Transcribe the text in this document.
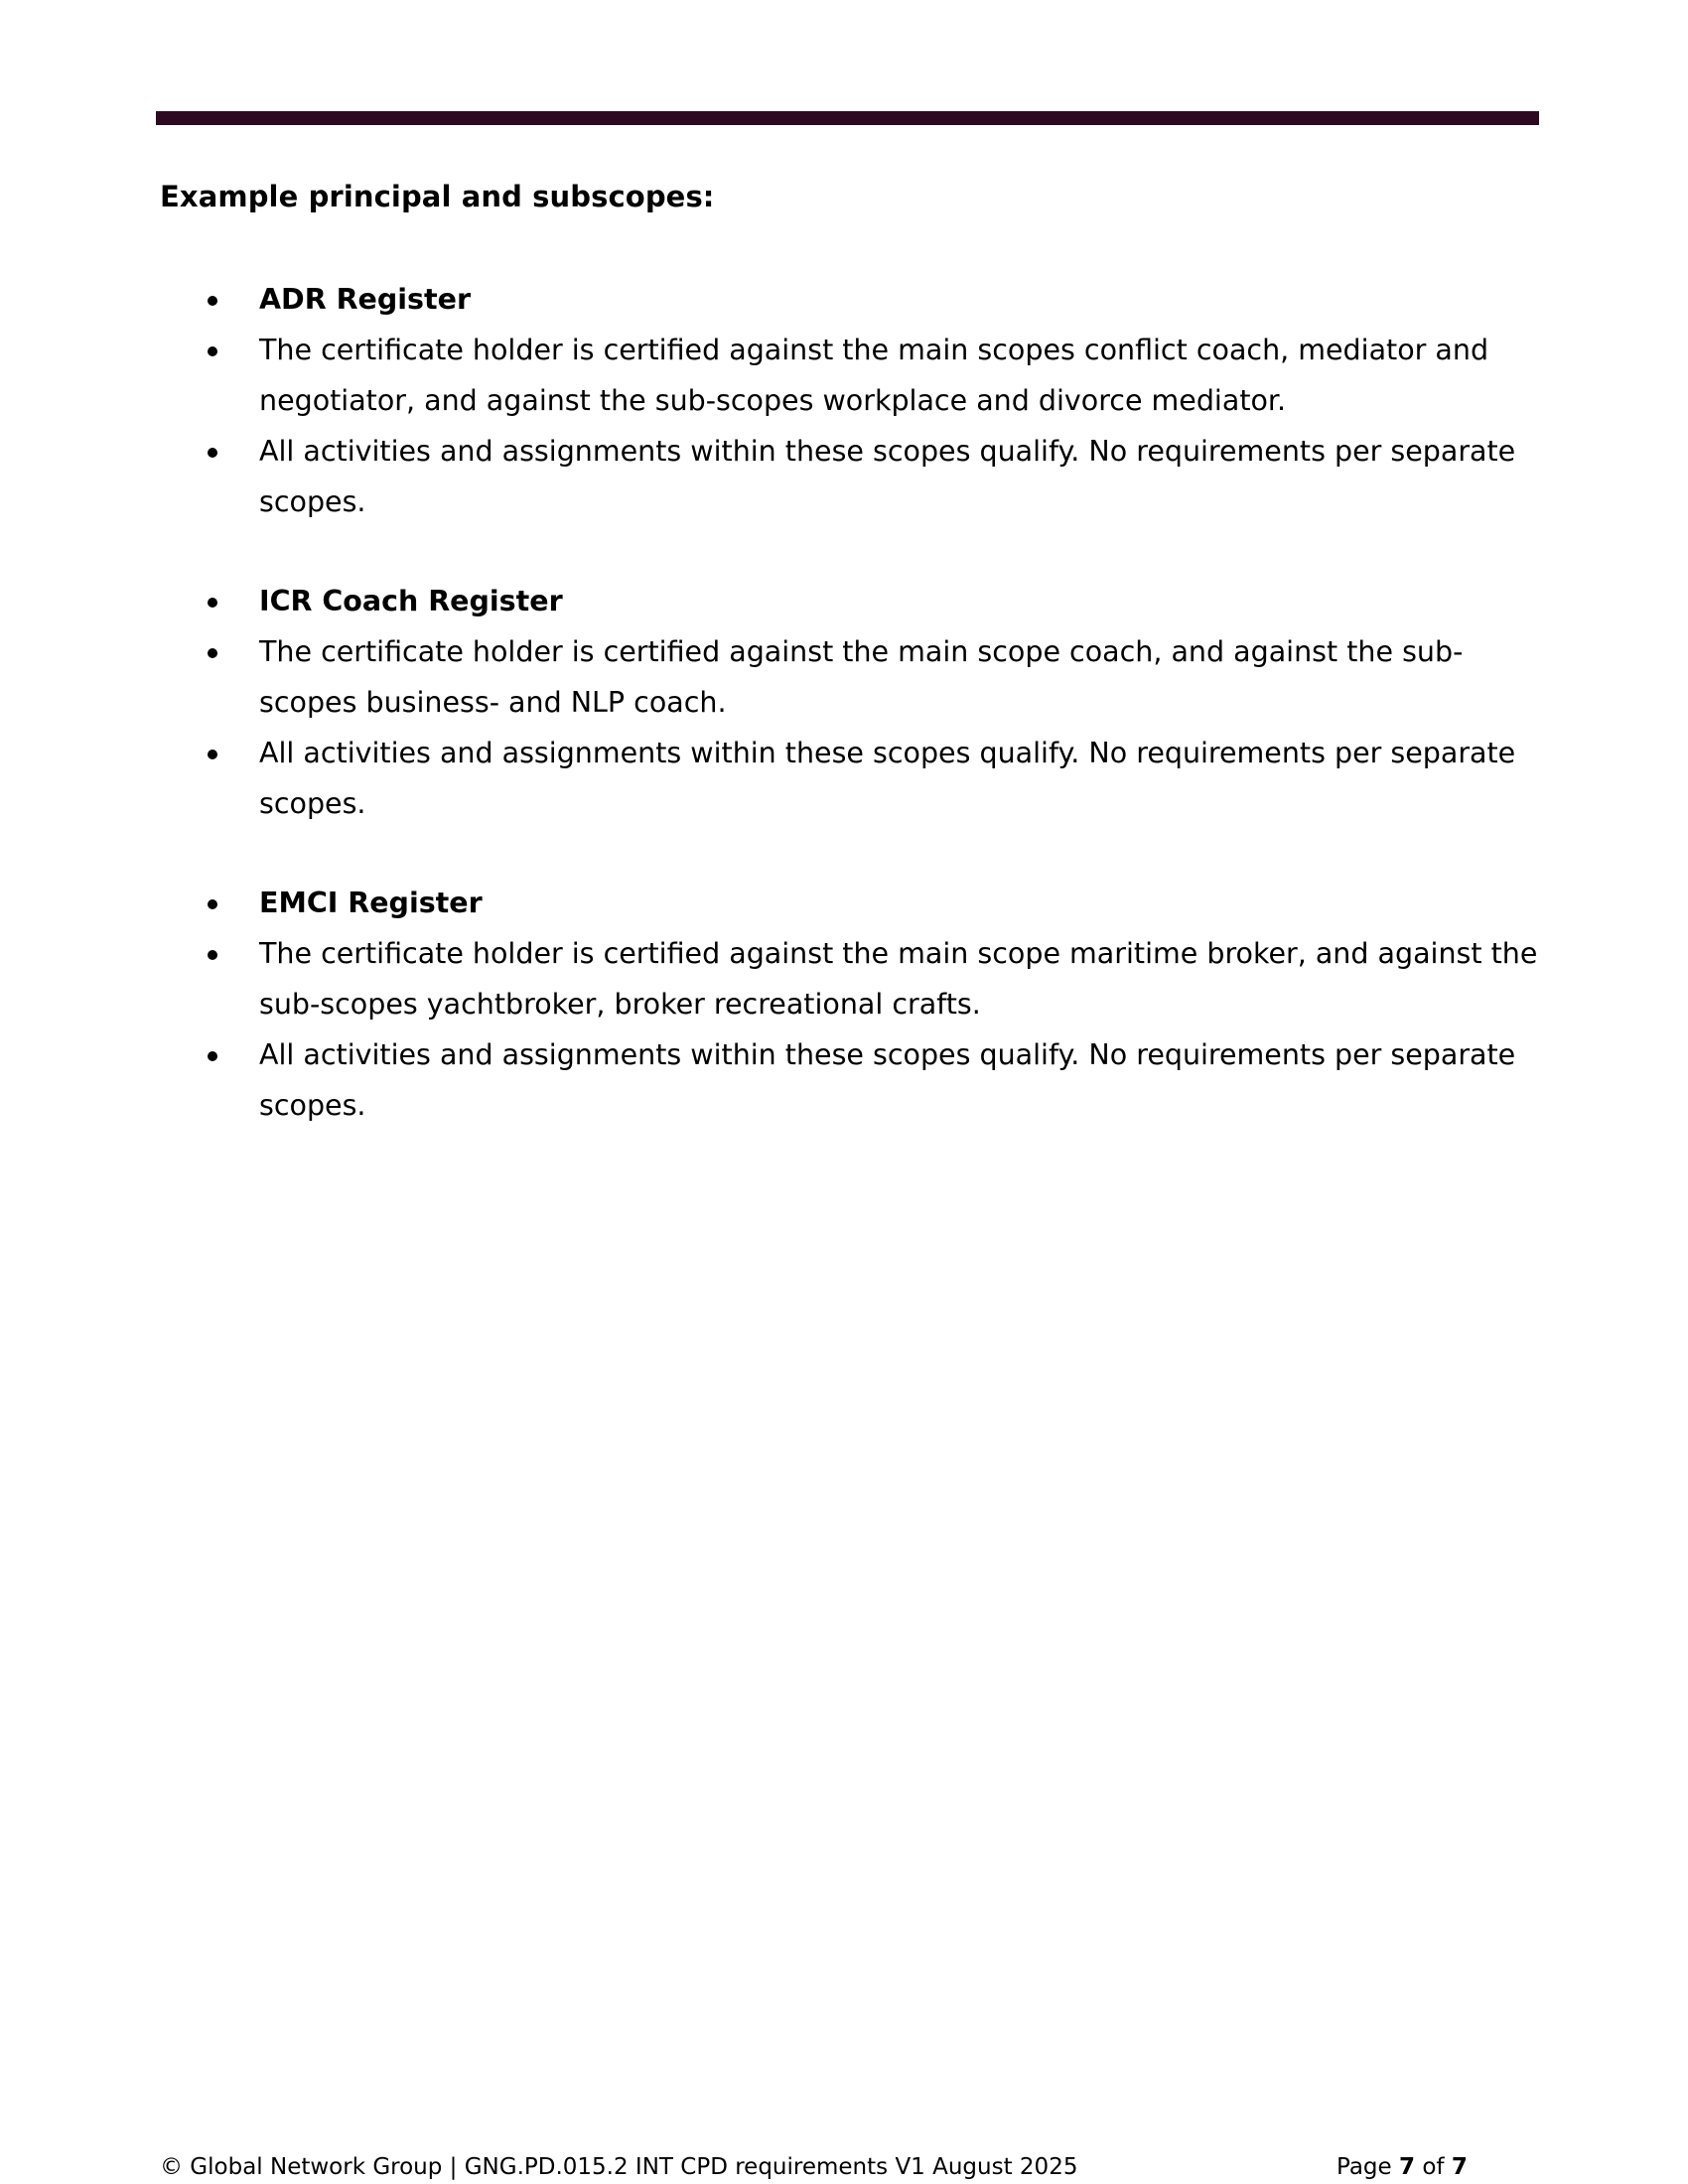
Example principal and subscopes:
ADR Register
The certificate holder is certified against the main scopes conflict coach, mediator and negotiator, and against the sub-scopes workplace and divorce mediator.
All activities and assignments within these scopes qualify. No requirements per separate scopes.
ICR Coach Register
The certificate holder is certified against the main scope coach, and against the sub-scopes business- and NLP coach.
All activities and assignments within these scopes qualify. No requirements per separate scopes.
EMCI Register
The certificate holder is certified against the main scope maritime broker, and against the sub-scopes yachtbroker, broker recreational crafts.
All activities and assignments within these scopes qualify. No requirements per separate scopes.
© Global Network Group | GNG.PD.015.2 INT CPD requirements V1 August 2025	Page 7 of 7
